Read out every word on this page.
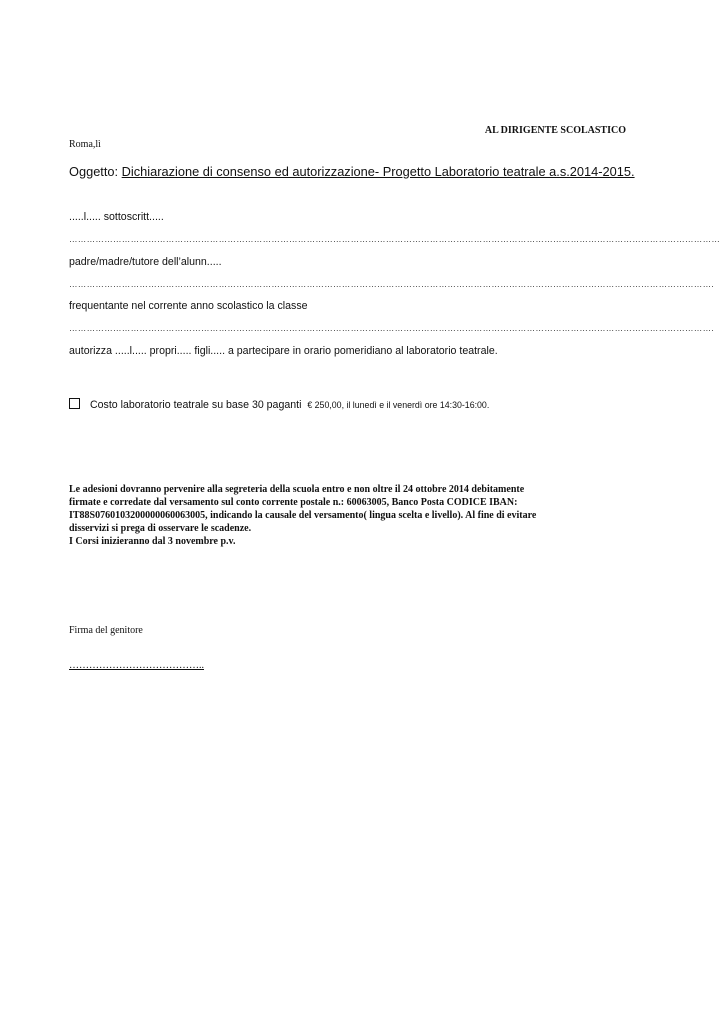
AL DIRIGENTE SCOLASTICO
Roma,lì
Oggetto: Dichiarazione di consenso ed autorizzazione- Progetto Laboratorio teatrale a.s.2014-2015.
.....l..... sottoscritt.....
……………………………………………………………………………………………………………………………………………………………………………………………………
padre/madre/tutore dell’alunn.....
………………………………………………………………………………………………………………………………………………………………………………………………….
frequentante nel corrente anno scolastico la classe
………………………………………………………………………………………………………………………………………………………………………………………………….
autorizza .....l..... propri..... figli..... a partecipare in orario pomeridiano al laboratorio teatrale.
Costo laboratorio teatrale su base 30 paganti € 250,00, il lunedì e il venerdì ore 14:30-16:00.

Le adesioni dovranno pervenire alla segreteria della scuola entro e non oltre il 24 ottobre 2014 debitamente

firmate e corredate dal versamento sul conto corrente postale n.: 60063005, Banco Posta CODICE IBAN:

IT88S0760103200000060063005, indicando la causale del versamento( lingua scelta e livello). Al fine di evitare

disservizi si prega di osservare le scadenze.

I Corsi inizieranno dal 3 novembre p.v.

Firma del genitore
…………………………………..
